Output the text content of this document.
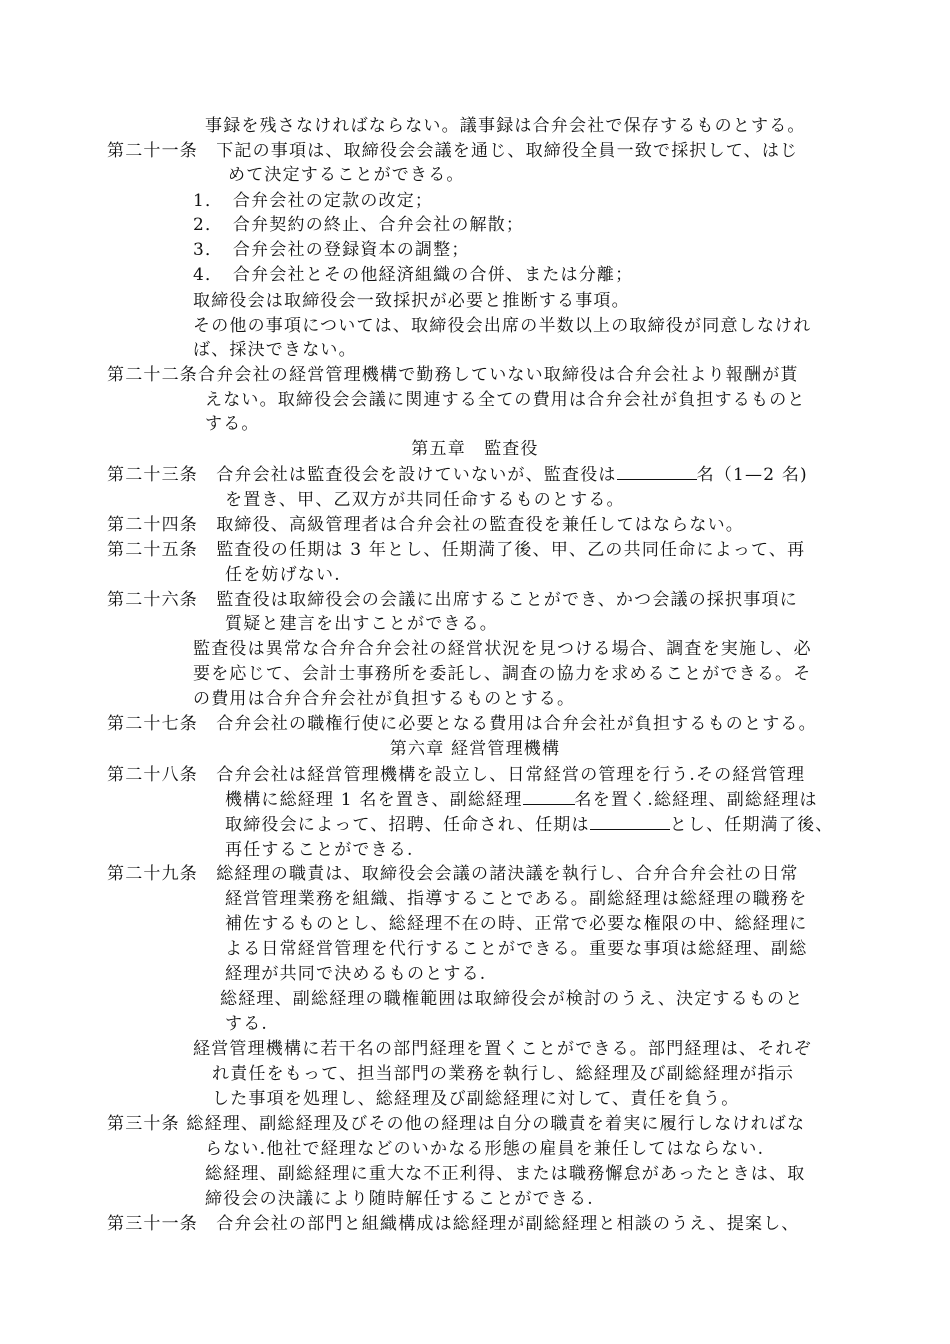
事録を残さなければならない。議事録は合弁会社で保存するものとする。
第二十一条　下記の事項は、取締役会会議を通じ、取締役全員一致で採択して、はじ
めて決定することができる。
1．　合弁会社の定款の改定；
2．　合弁契約の終止、合弁会社の解散；
3．　合弁会社の登録資本の調整；
4．　合弁会社とその他経済組織の合併、または分離；
取締役会は取締役会一致採択が必要と推断する事項。
その他の事項については、取締役会出席の半数以上の取締役が同意しなけれ
ば、採決できない。
第二十二条合弁会社の経営管理機構で勤務していない取締役は合弁会社より報酬が貰
えない。取締役会会議に関連する全ての費用は合弁会社が負担するものと
する。
第五章　監査役
第二十三条　合弁会社は監査役会を設けていないが、監査役は	名（1—2 名)
を置き、甲、乙双方が共同任命するものとする。
第二十四条　取締役、高級管理者は合弁会社の監査役を兼任してはならない。
第二十五条　監査役の任期は 3 年とし、任期満了後、甲、乙の共同任命によって、再
任を妨げない.
第二十六条　監査役は取締役会の会議に出席することができ、かつ会議の採択事項に
質疑と建言を出すことができる。
監査役は異常な合弁合弁会社の経営状況を見つける場合、調査を実施し、必
要を応じて、会計士事務所を委託し、調査の協力を求めることができる。そ
の費用は合弁合弁会社が負担するものとする。
第二十七条　合弁会社の職権行使に必要となる費用は合弁会社が負担するものとする。
第六章 経営管理機構
第二十八条　合弁会社は経営管理機構を設立し、日常経営の管理を行う.その経営管理
機構に総経理 1 名を置き、副総経理	名を置く.総経理、副総経理は
取締役会によって、招聘、任命され、任期は	とし、任期満了後、
再任することができる.
第二十九条　総経理の職責は、取締役会会議の諸決議を執行し、合弁合弁会社の日常
経営管理業務を組織、指導することである。副総経理は総経理の職務を
補佐するものとし、総経理不在の時、正常で必要な権限の中、総経理に
よる日常経営管理を代行することができる。重要な事項は総経理、副総
経理が共同で決めるものとする.
総経理、副総経理の職権範囲は取締役会が検討のうえ、決定するものと
する.
経営管理機構に若干名の部門経理を置くことができる。部門経理は、それぞ
れ責任をもって、担当部門の業務を執行し、総経理及び副総経理が指示
した事項を処理し、総経理及び副総経理に対して、責任を負う。
第三十条 総経理、副総経理及びその他の経理は自分の職責を着実に履行しなければな
らない.他社で経理などのいかなる形態の雇員を兼任してはならない.
総経理、副総経理に重大な不正利得、または職務懈怠があったときは、取
締役会の決議により随時解任することができる.
第三十一条　合弁会社の部門と組織構成は総経理が副総経理と相談のうえ、提案し、
